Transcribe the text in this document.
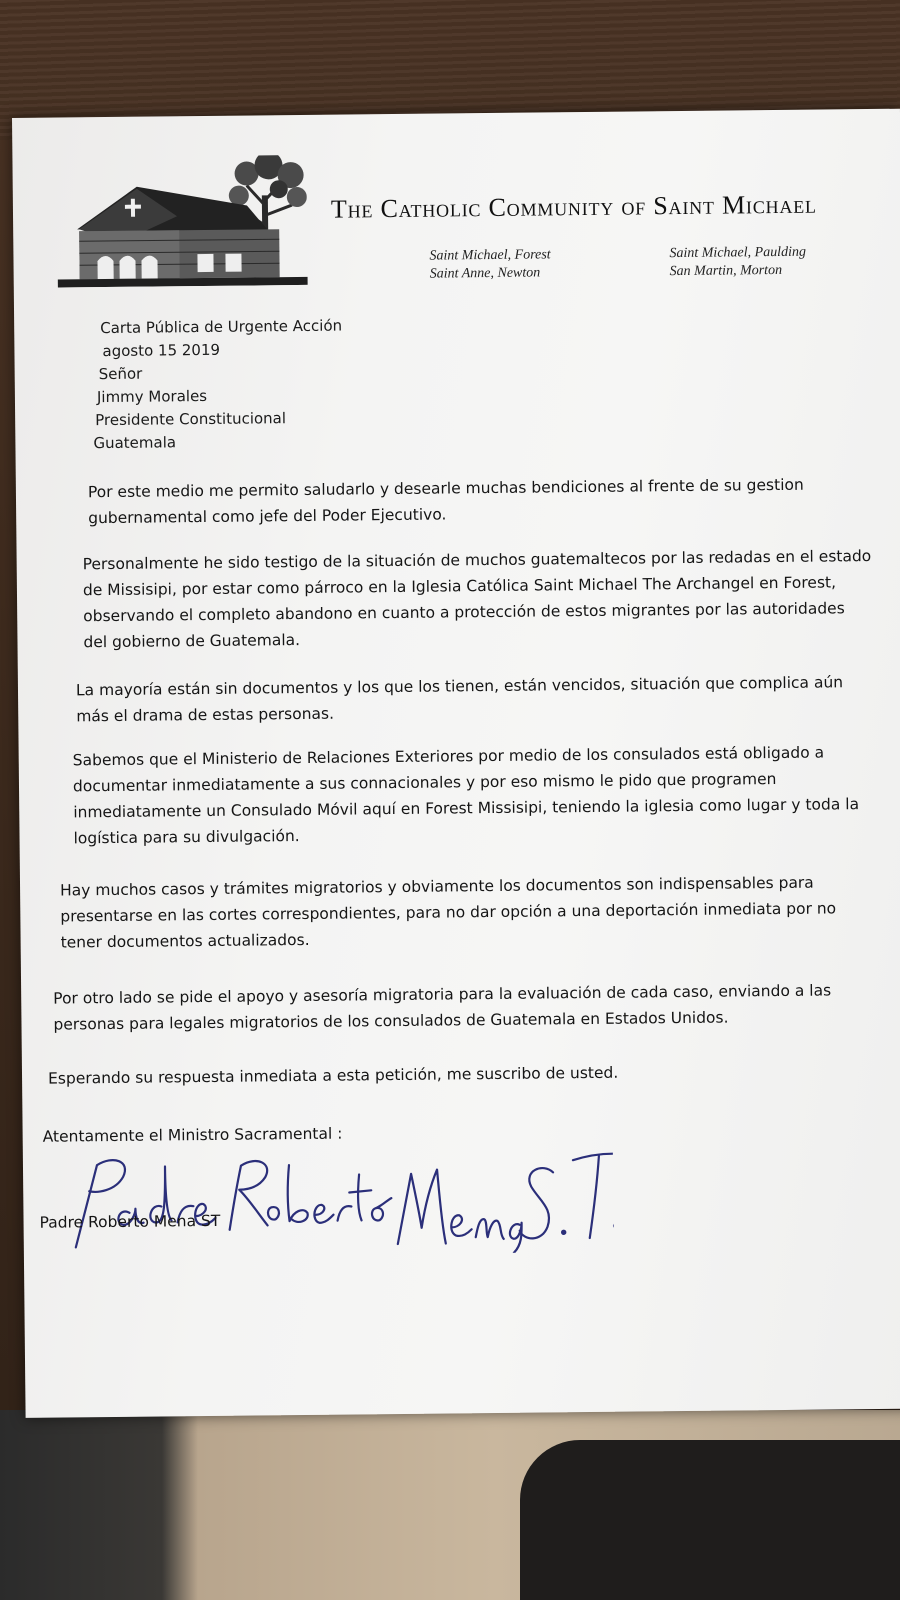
The Catholic Community of Saint Michael
Saint Michael, Forest
Saint Anne, Newton
Saint Michael, Paulding
San Martin, Morton
Carta Pública de Urgente Acción
agosto 15 2019
Señor
Jimmy Morales
Presidente Constitucional
Guatemala
Por este medio me permito saludarlo y desearle muchas bendiciones al frente de su gestion gubernamental como jefe del Poder Ejecutivo.
Personalmente he sido testigo de la situación de muchos guatemaltecos por las redadas en el estado de Missisipi, por estar como párroco en la Iglesia Católica Saint Michael The Archangel en Forest, observando el completo abandono en cuanto a protección de estos migrantes por las autoridades del gobierno de Guatemala.
La mayoría están sin documentos y los que los tienen, están vencidos, situación que complica aún más el drama de estas personas.
Sabemos que el Ministerio de Relaciones Exteriores por medio de los consulados está obligado a documentar inmediatamente a sus connacionales y por eso mismo le pido que programen inmediatamente un Consulado Móvil aquí en Forest Missisipi, teniendo la iglesia como lugar y toda la logística para su divulgación.
Hay muchos casos y trámites migratorios y obviamente los documentos son indispensables para presentarse en las cortes correspondientes, para no dar opción a una deportación inmediata por no tener documentos actualizados.
Por otro lado se pide el apoyo y asesoría migratoria para la evaluación de cada caso, enviando a las personas para legales migratorios de los consulados de Guatemala en Estados Unidos.
Esperando su respuesta inmediata a esta petición, me suscribo de usted.
Atentamente el Ministro Sacramental :
Padre Roberto Mena ST
